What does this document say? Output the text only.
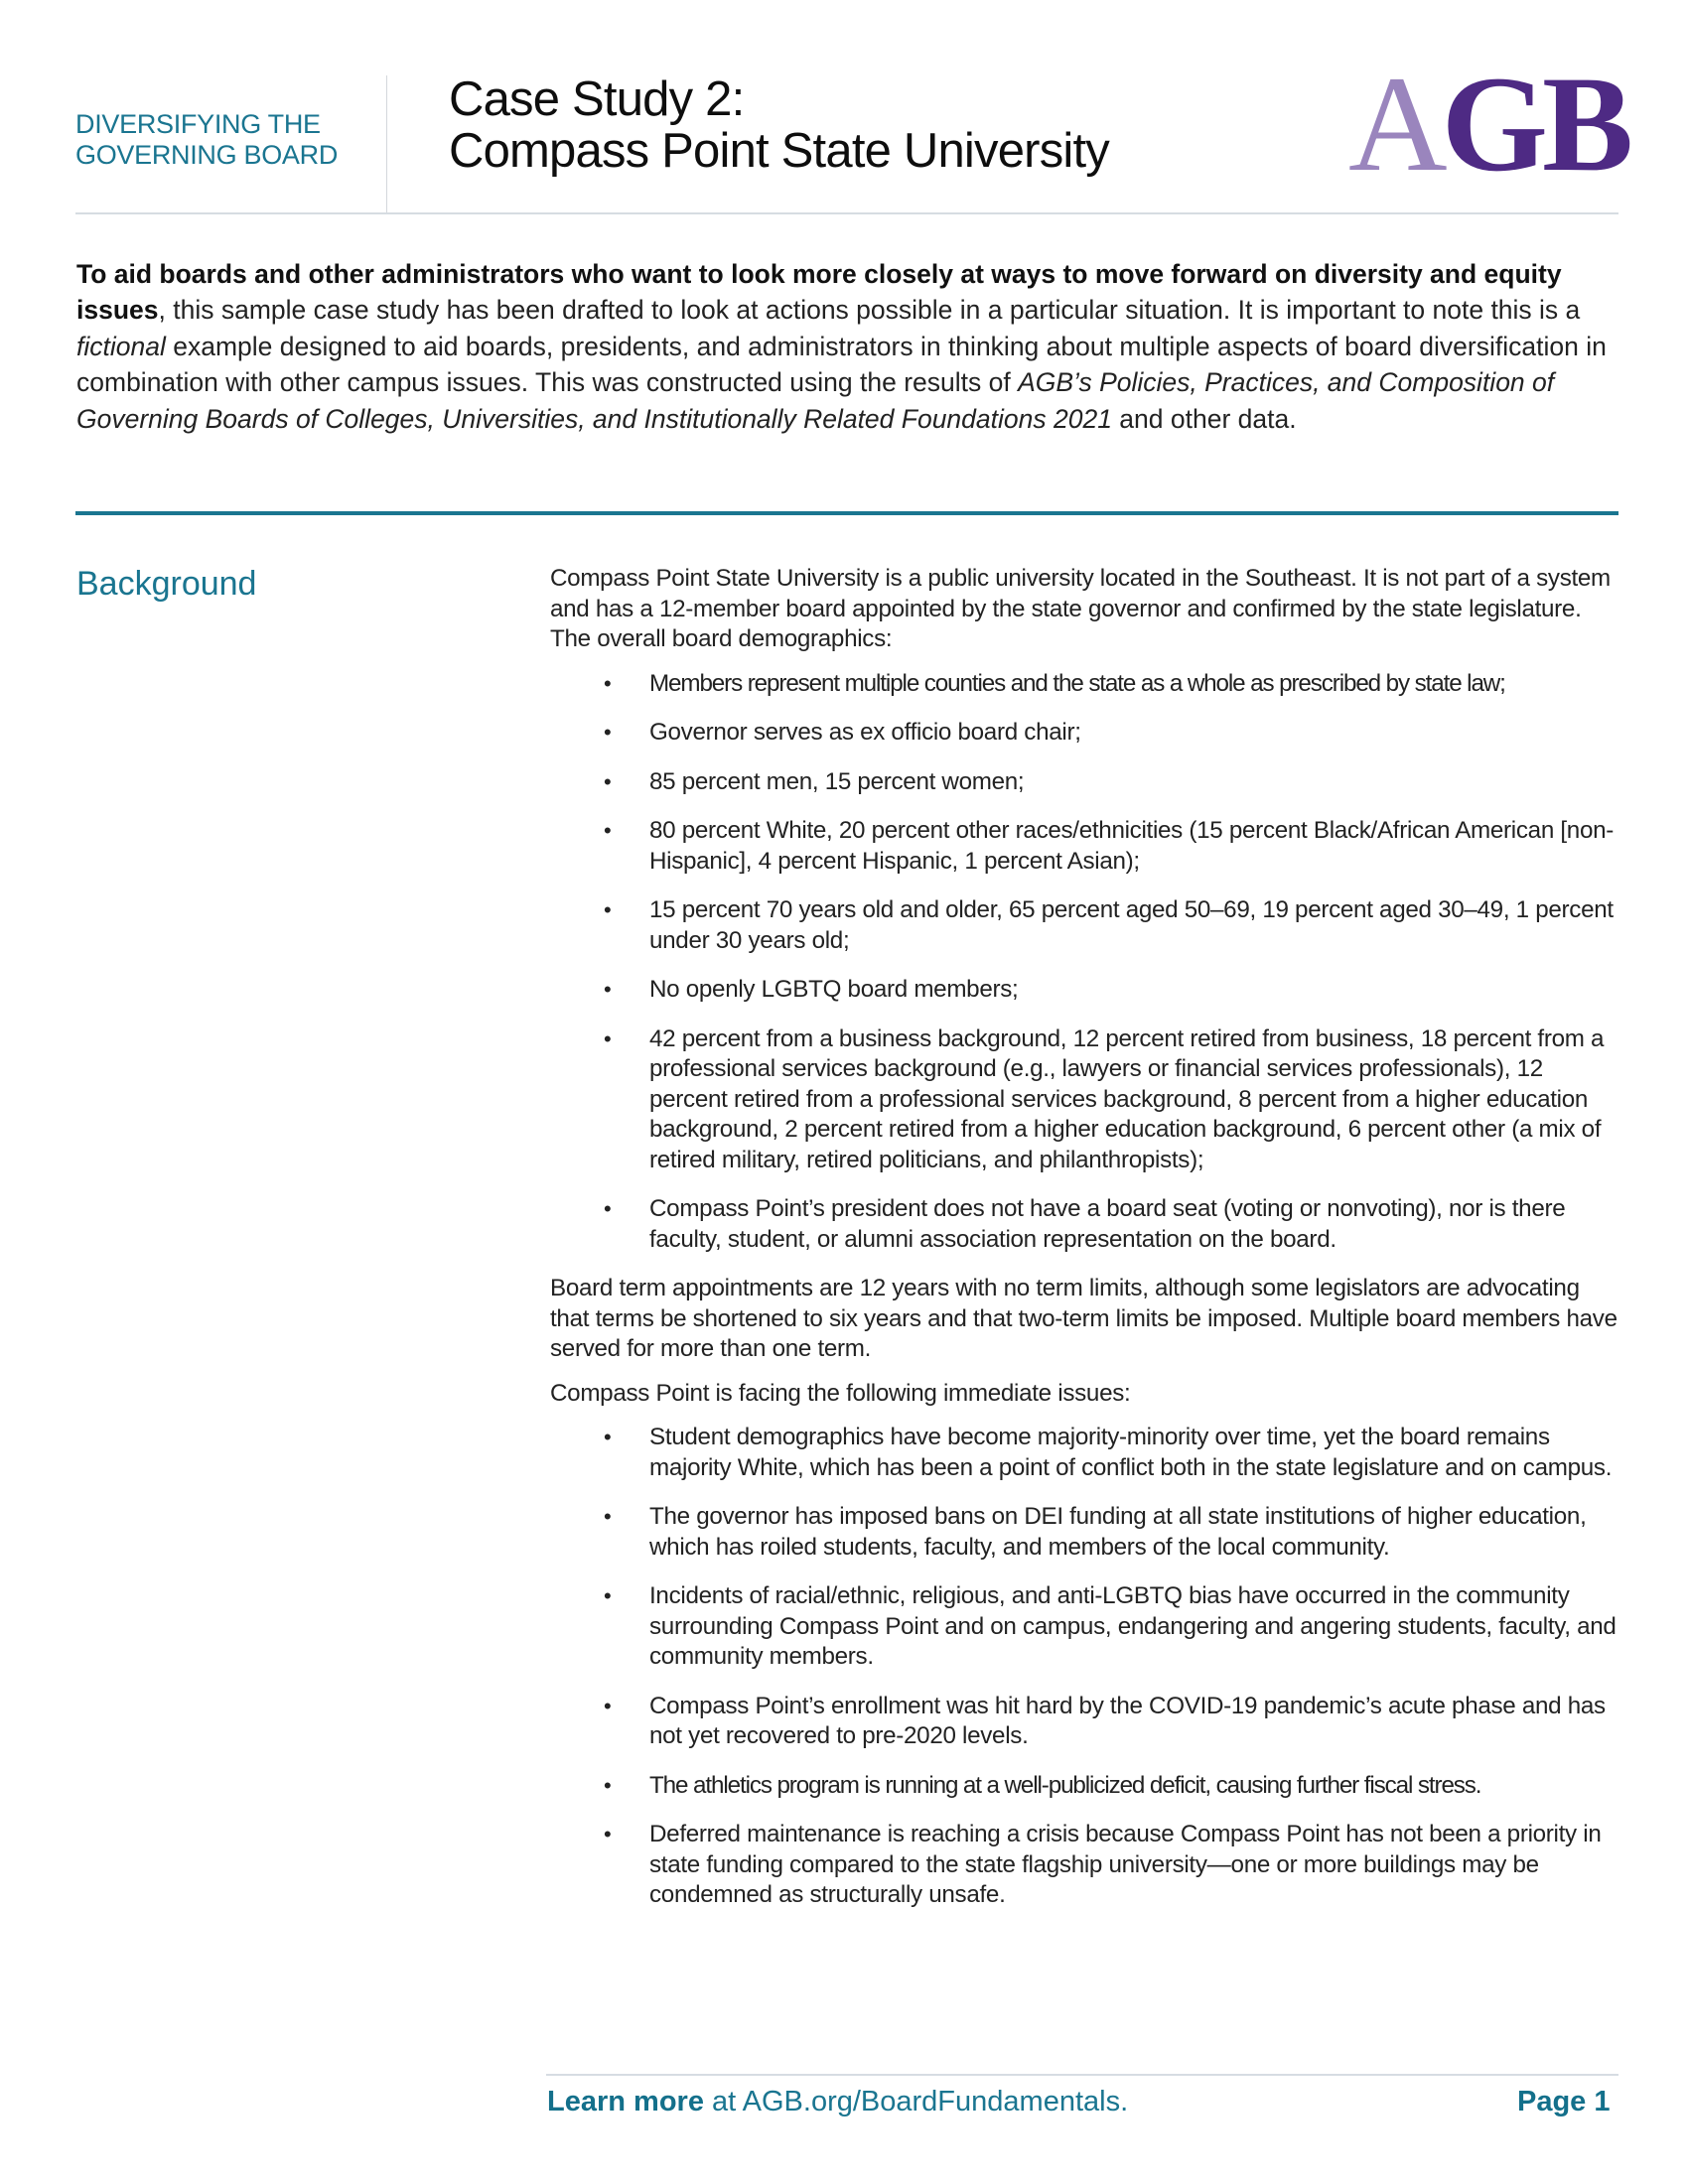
DIVERSIFYING THE
GOVERNING BOARD
Case Study 2:
Compass Point State University AGB
To aid boards and other administrators who want to look more closely at ways to move forward on diversity and equity issues, this sample case study has been drafted to look at actions possible in a particular situation. It is important to note this is a fictional example designed to aid boards, presidents, and administrators in thinking about multiple aspects of board diversification in combination with other campus issues. This was constructed using the results of AGB’s Policies, Practices, and Composition of Governing Boards of Colleges, Universities, and Institutionally Related Foundations 2021 and other data.
Background	Compass Point State University is a public university located in the Southeast. It is not part of a system and has a 12-member board appointed by the state governor and confirmed by the state legislature. The overall board demographics:

• Members represent multiple counties and the state as a whole as prescribed by state law;
• Governor serves as ex officio board chair;
• 85 percent men, 15 percent women;
• 80 percent White, 20 percent other races/ethnicities (15 percent Black/African American [non-Hispanic], 4 percent Hispanic, 1 percent Asian);
• 15 percent 70 years old and older, 65 percent aged 50–69, 19 percent aged 30–49, 1 percent under 30 years old;
• No openly LGBTQ board members;
• 42 percent from a business background, 12 percent retired from business, 18 percent from a professional services background (e.g., lawyers or financial services professionals), 12 percent retired from a professional services background, 8 percent from a higher education background, 2 percent retired from a higher education background, 6 percent other (a mix of retired military, retired politicians, and philanthropists);
• Compass Point’s president does not have a board seat (voting or nonvoting), nor is there faculty, student, or alumni association representation on the board.

Board term appointments are 12 years with no term limits, although some legislators are advocating that terms be shortened to six years and that two-term limits be imposed. Multiple board members have served for more than one term.

Compass Point is facing the following immediate issues:

• Student demographics have become majority-minority over time, yet the board remains majority White, which has been a point of conflict both in the state legislature and on campus.
• The governor has imposed bans on DEI funding at all state institutions of higher education, which has roiled students, faculty, and members of the local community.
• Incidents of racial/ethnic, religious, and anti-LGBTQ bias have occurred in the community surrounding Compass Point and on campus, endangering and angering students, faculty, and community members.
• Compass Point’s enrollment was hit hard by the COVID-19 pandemic’s acute phase and has not yet recovered to pre-2020 levels.
• The athletics program is running at a well-publicized deficit, causing further fiscal stress.
• Deferred maintenance is reaching a crisis because Compass Point has not been a priority in state funding compared to the state flagship university—one or more buildings may be condemned as structurally unsafe.
Learn more at AGB.org/BoardFundamentals.	Page 1
